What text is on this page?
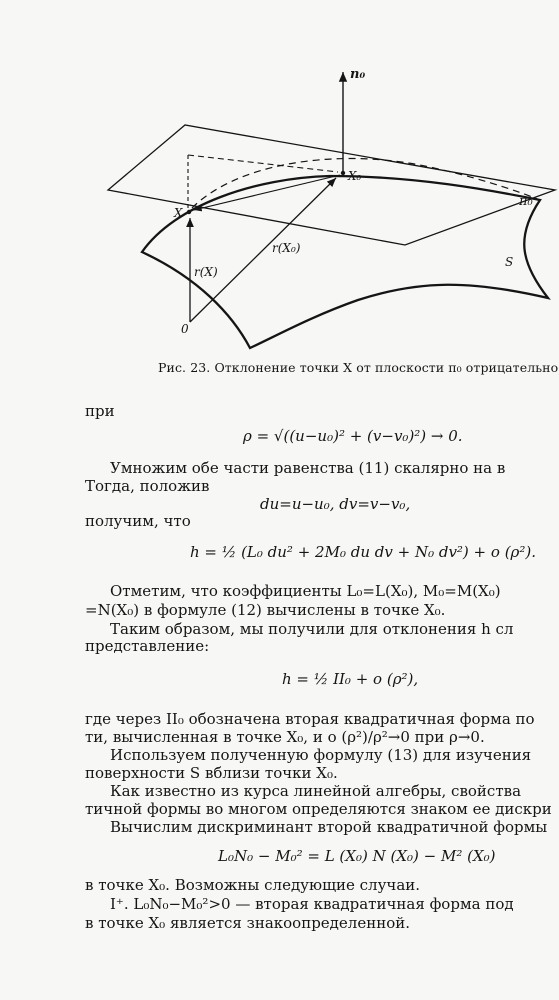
n₀
X₀
π₀
X
r(X₀)
r(X)
S
0
Рис. 23. Отклонение точки X от плоскости π₀ отрицательно
при
ρ = √((u−u₀)² + (v−v₀)²) → 0.
Умножим обе части равенства (11) скалярно на в
Тогда, положив
du=u−u₀, dv=v−v₀,
получим, что
h = ½ (L₀ du² + 2M₀ du dv + N₀ dv²) + o (ρ²).
Отметим, что коэффициенты L₀=L(X₀), M₀=M(X₀)
=N(X₀) в формуле (12) вычислены в точке X₀.
Таким образом, мы получили для отклонения h сл
представление:
h = ½ II₀ + o (ρ²),
где через II₀ обозначена вторая квадратичная форма по
ти, вычисленная в точке X₀, и o (ρ²)/ρ²→0 при ρ→0.
Используем полученную формулу (13) для изучения
поверхности S вблизи точки X₀.
Как известно из курса линейной алгебры, свойства
тичной формы во многом определяются знаком ее дискри
Вычислим дискриминант второй квадратичной формы
L₀N₀ − M₀² = L (X₀) N (X₀) − M² (X₀)
в точке X₀. Возможны следующие случаи.
I⁺. L₀N₀−M₀²>0 — вторая квадратичная форма под
в точке X₀ является знакоопределенной.
